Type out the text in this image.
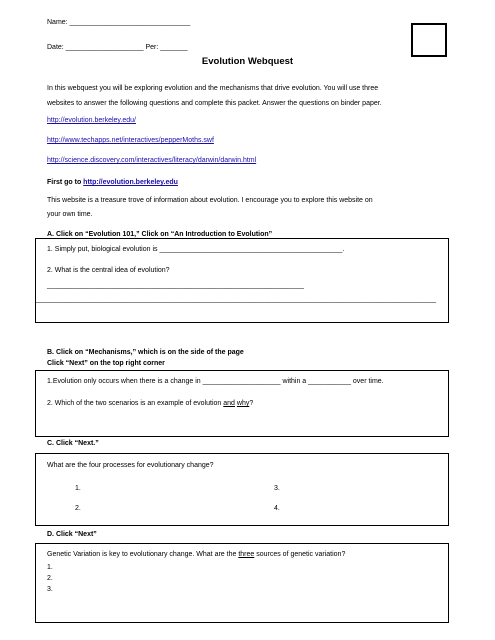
Name: _______________________________
Date: ____________________ Per: _______
Evolution Webquest
In this webquest you will be exploring evolution and the mechanisms that drive evolution. You will use three
websites to answer the following questions and complete this packet. Answer the questions on binder paper.
http://evolution.berkeley.edu/
http://www.techapps.net/interactives/pepperMoths.swf
http://science.discovery.com/interactives/literacy/darwin/darwin.html
First go to http://evolution.berkeley.edu
This website is a treasure trove of information about evolution. I encourage you to explore this website on
your own time.
A. Click on “Evolution 101,” Click on “An Introduction to Evolution”
1. Simply put, biological evolution is _______________________________________________.
2. What is the central idea of evolution?
__________________________________________________________________
_______________________________________________________________________________________________________
B. Click on “Mechanisms,” which is on the side of the page
Click “Next” on the top right corner
1.Evolution only occurs when there is a change in ____________________ within a ___________ over time.
2. Which of the two scenarios is an example of evolution and why?
C. Click “Next.”
What are the four processes for evolutionary change?
1.
2.
3.
4.
D. Click “Next”
Genetic Variation is key to evolutionary change. What are the three sources of genetic variation?
1.
2.
3.
